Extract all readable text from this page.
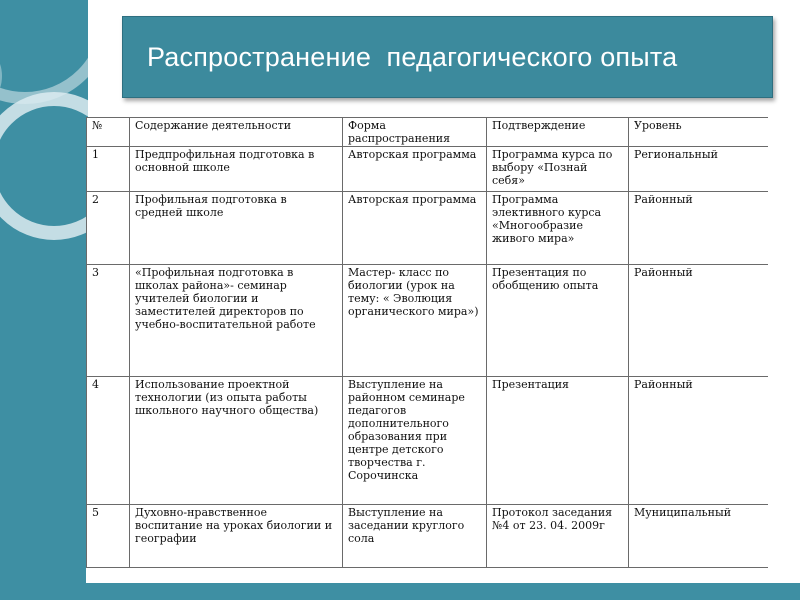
Распространение  педагогического опыта
№	Содержание деятельности	Форма распространения	Подтверждение	Уровень
1	Предпрофильная подготовка в основной школе	Авторская программа	Программа курса по выбору «Познай себя»	Региональный
2	Профильная подготовка в средней школе	Авторская программа	Программа элективного курса «Многообразие живого мира»	Районный
3	«Профильная подготовка в школах района»- семинар учителей биологии и заместителей директоров по учебно-воспитательной работе	Мастер- класс по биологии (урок на тему: « Эволюция органического мира»)	Презентация по обобщению опыта	Районный
4	Использование проектной технологии (из опыта работы школьного научного общества)	Выступление на районном семинаре педагогов дополнительного образования при центре детского творчества г. Сорочинска	Презентация	Районный
5	Духовно-нравственное воспитание на уроках биологии и географии	Выступление на заседании круглого сола	Протокол заседания №4 от 23. 04. 2009г	Муниципальный
